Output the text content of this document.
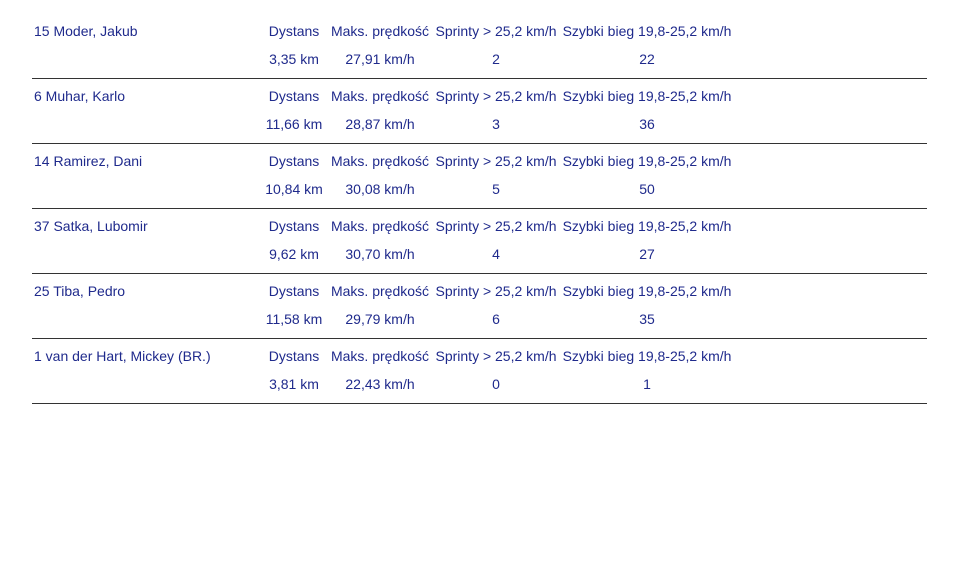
15 Moder, Jakub	Dystans Maks. prędkość Sprinty > 25,2 km/h Szybki bieg 19,8-25,2 km/h
3,35 km 27,91 km/h	2	22
6 Muhar, Karlo	Dystans Maks. prędkość Sprinty > 25,2 km/h Szybki bieg 19,8-25,2 km/h
11,66 km 28,87 km/h	3	36
14 Ramirez, Dani	Dystans Maks. prędkość Sprinty > 25,2 km/h Szybki bieg 19,8-25,2 km/h
10,84 km 30,08 km/h	5	50
37 Satka, Lubomir	Dystans Maks. prędkość Sprinty > 25,2 km/h Szybki bieg 19,8-25,2 km/h
9,62 km 30,70 km/h	4	27
25 Tiba, Pedro	Dystans Maks. prędkość Sprinty > 25,2 km/h Szybki bieg 19,8-25,2 km/h
11,58 km 29,79 km/h	6	35
1 van der Hart, Mickey (BR.)	Dystans Maks. prędkość Sprinty > 25,2 km/h Szybki bieg 19,8-25,2 km/h
3,81 km 22,43 km/h	0	1
